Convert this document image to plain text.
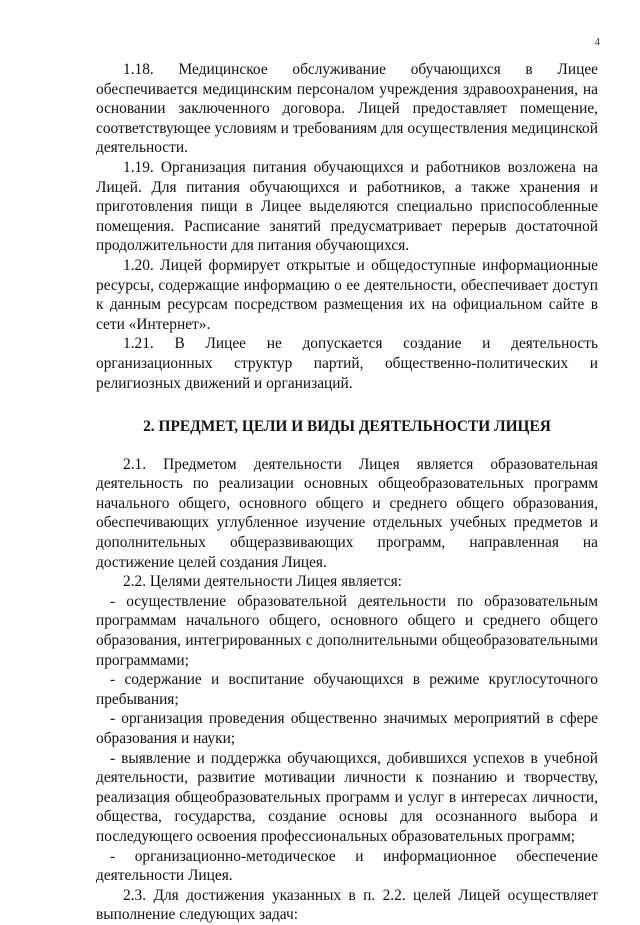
4

1.18. Медицинское обслуживание обучающихся в Лицее обеспечивается медицинским персоналом учреждения здравоохранения, на основании заключенного договора. Лицей предоставляет помещение, соответствующее условиям и требованиям для осуществления медицинской деятельности.

1.19. Организация питания обучающихся и работников возложена на Лицей. Для питания обучающихся и работников, а также хранения и приготовления пищи в Лицее выделяются специально приспособленные помещения. Расписание занятий предусматривает перерыв достаточной продолжительности для питания обучающихся.

1.20. Лицей формирует открытые и общедоступные информационные ресурсы, содержащие информацию о ее деятельности, обеспечивает доступ к данным ресурсам посредством размещения их на официальном сайте в сети «Интернет».

1.21. В Лицее не допускается создание и деятельность организационных структур партий, общественно-политических и религиозных движений и организаций.

2. ПРЕДМЕТ, ЦЕЛИ И ВИДЫ ДЕЯТЕЛЬНОСТИ ЛИЦЕЯ

2.1. Предметом деятельности Лицея является образовательная деятельность по реализации основных общеобразовательных программ начального общего, основного общего и среднего общего образования, обеспечивающих углубленное изучение отдельных учебных предметов и дополнительных общеразвивающих программ, направленная на достижение целей создания Лицея.

2.2. Целями деятельности Лицея является:

- осуществление образовательной деятельности по образовательным программам начального общего, основного общего и среднего общего образования, интегрированных с дополнительными общеобразовательными программами;

- содержание и воспитание обучающихся в режиме круглосуточного пребывания;

- организация проведения общественно значимых мероприятий в сфере образования и науки;

- выявление и поддержка обучающихся, добившихся успехов в учебной деятельности, развитие мотивации личности к познанию и творчеству, реализация общеобразовательных программ и услуг в интересах личности, общества, государства, создание основы для осознанного выбора и последующего освоения профессиональных образовательных программ;

- организационно-методическое и информационное обеспечение деятельности Лицея.

2.3. Для достижения указанных в п. 2.2. целей Лицей осуществляет выполнение следующих задач:
